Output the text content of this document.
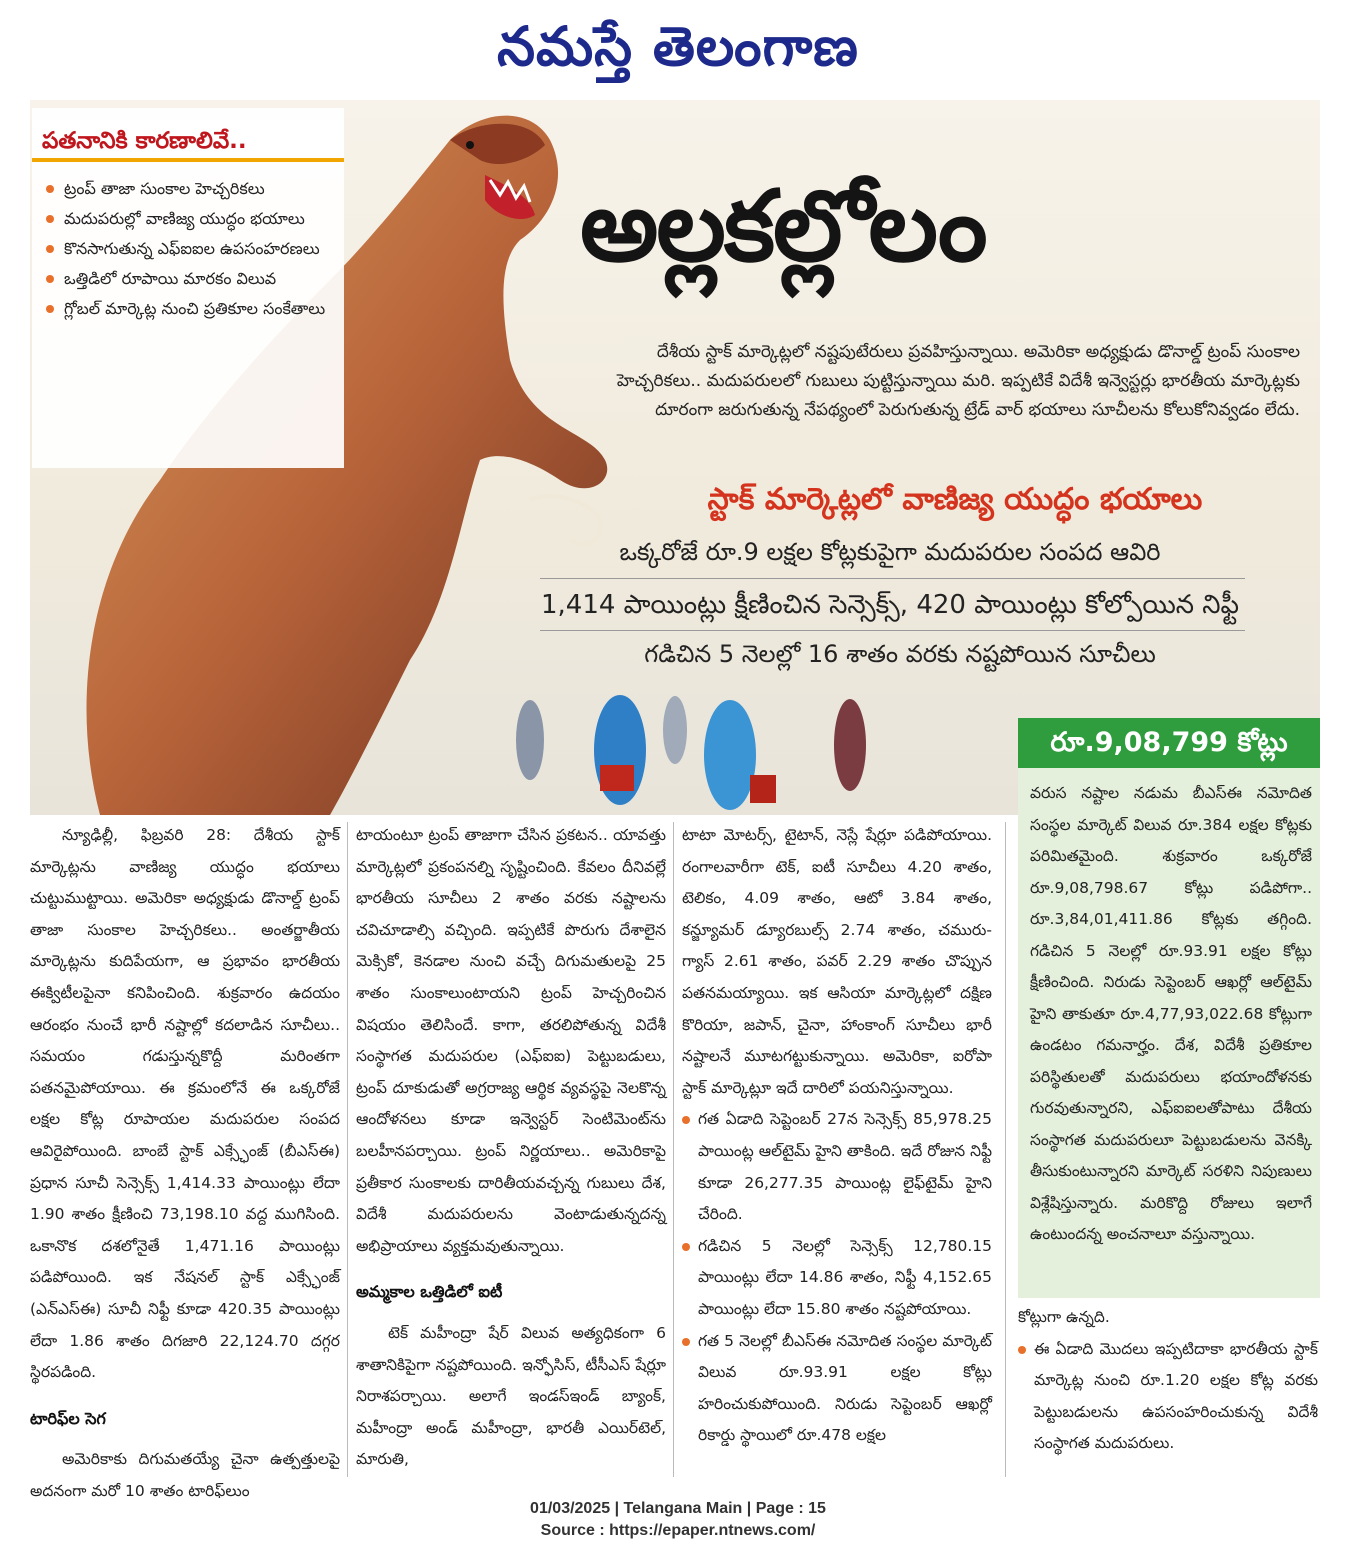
నమస్తే తెలంగాణ
పతనానికి కారణాలివే..
ట్రంప్ తాజా సుంకాల హెచ్చరికలు
మదుపరుల్లో వాణిజ్య యుద్ధం భయాలు
కొనసాగుతున్న ఎఫ్ఐఐల ఉపసంహరణలు
ఒత్తిడిలో రూపాయి మారకం విలువ
గ్లోబల్ మార్కెట్ల నుంచి ప్రతికూల సంకేతాలు
అల్లకల్లోలం
దేశీయ స్టాక్ మార్కెట్లలో నష్టపుటేరులు ప్రవహిస్తున్నాయి. అమెరికా అధ్యక్షుడు డొనాల్డ్ ట్రంప్ సుంకాల హెచ్చరికలు.. మదుపరులలో గుబులు పుట్టిస్తున్నాయి మరి. ఇప్పటికే విదేశీ ఇన్వెస్టర్లు భారతీయ మార్కెట్లకు దూరంగా జరుగుతున్న నేపథ్యంలో పెరుగుతున్న ట్రేడ్ వార్ భయాలు సూచీలను కోలుకోనివ్వడం లేదు.
స్టాక్ మార్కెట్లలో వాణిజ్య యుద్ధం భయాలు
ఒక్కరోజే రూ.9 లక్షల కోట్లకుపైగా మదుపరుల సంపద ఆవిరి
1,414 పాయింట్లు క్షీణించిన సెన్సెక్స్, 420 పాయింట్లు కోల్పోయిన నిఫ్టీ
గడిచిన 5 నెలల్లో 16 శాతం వరకు నష్టపోయిన సూచీలు
రూ.9,08,799 కోట్లు
వరుస నష్టాల నడుమ బీఎస్ఈ నమోదిత సంస్థల మార్కెట్ విలువ రూ.384 లక్షల కోట్లకు పరిమితమైంది. శుక్రవారం ఒక్కరోజే రూ.9,08,798.67 కోట్లు పడిపోగా.. రూ.3,84,01,411.86 కోట్లకు తగ్గింది. గడిచిన 5 నెలల్లో రూ.93.91 లక్షల కోట్లు క్షీణించింది. నిరుడు సెప్టెంబర్ ఆఖర్లో ఆల్‌టైమ్ హైని తాకుతూ రూ.4,77,93,022.68 కోట్లుగా ఉండటం గమనార్హం. దేశ, విదేశీ ప్రతికూల పరిస్థితులతో మదుపరులు భయాందోళనకు గురవుతున్నారని, ఎఫ్ఐఐలతోపాటు దేశీయ సంస్థాగత మదుపరులూ పెట్టుబడులను వెనక్కి తీసుకుంటున్నారని మార్కెట్ సరళిని నిపుణులు విశ్లేషిస్తున్నారు. మరికొద్ది రోజులు ఇలాగే ఉంటుందన్న అంచనాలూ వస్తున్నాయి.

న్యూఢిల్లీ, ఫిబ్రవరి 28: దేశీయ స్టాక్ మార్కెట్లను వాణిజ్య యుద్ధం భయాలు చుట్టుముట్టాయి. అమెరికా అధ్యక్షుడు డొనాల్డ్ ట్రంప్ తాజా సుంకాల హెచ్చరికలు.. అంతర్జాతీయ మార్కెట్లను కుదిపేయగా, ఆ ప్రభావం భారతీయ ఈక్విటీలపైనా కనిపించింది. శుక్రవారం ఉదయం ఆరంభం నుంచే భారీ నష్టాల్లో కదలాడిన సూచీలు.. సమయం గడుస్తున్నకొద్దీ మరింతగా పతనమైపోయాయి. ఈ క్రమంలోనే ఈ ఒక్కరోజే లక్షల కోట్ల రూపాయల మదుపరుల సంపద ఆవిరైపోయింది. బాంబే స్టాక్ ఎక్స్ఛేంజ్ (బీఎస్ఈ) ప్రధాన సూచీ సెన్సెక్స్ 1,414.33 పాయింట్లు లేదా 1.90 శాతం క్షీణించి 73,198.10 వద్ద ముగిసింది. ఒకానొక దశలోనైతే 1,471.16 పాయింట్లు పడిపోయింది. ఇక నేషనల్ స్టాక్ ఎక్స్ఛేంజ్ (ఎన్ఎస్ఈ) సూచీ నిఫ్టీ కూడా 420.35 పాయింట్లు లేదా 1.86 శాతం దిగజారి 22,124.70 దగ్గర స్థిరపడింది.

టారిఫ్‌ల సెగ

అమెరికాకు దిగుమతయ్యే చైనా ఉత్పత్తులపై అదనంగా మరో 10 శాతం టారిఫ్‌లుం

టాయంటూ ట్రంప్ తాజాగా చేసిన ప్రకటన.. యావత్తు మార్కెట్లలో ప్రకంపనల్ని సృష్టించింది. కేవలం దీనివల్లే భారతీయ సూచీలు 2 శాతం వరకు నష్టాలను చవిచూడాల్సి వచ్చింది. ఇప్పటికే పొరుగు దేశాలైన మెక్సికో, కెనడాల నుంచి వచ్చే దిగుమతులపై 25 శాతం సుంకాలుంటాయని ట్రంప్ హెచ్చరించిన విషయం తెలిసిందే. కాగా, తరలిపోతున్న విదేశీ సంస్థాగత మదుపరుల (ఎఫ్ఐఐ) పెట్టుబడులు, ట్రంప్ దూకుడుతో అగ్రరాజ్య ఆర్థిక వ్యవస్థపై నెలకొన్న ఆందోళనలు కూడా ఇన్వెస్టర్ సెంటిమెంట్‌ను బలహీనపర్చాయి. ట్రంప్ నిర్ణయాలు.. అమెరికాపై ప్రతీకార సుంకాలకు దారితీయవచ్చన్న గుబులు దేశ, విదేశీ మదుపరులను వెంటాడుతున్నదన్న అభిప్రాయాలు వ్యక్తమవుతున్నాయి.

అమ్మకాల ఒత్తిడిలో ఐటీ

టెక్ మహీంద్రా షేర్ విలువ అత్యధికంగా 6 శాతానికిపైగా నష్టపోయింది. ఇన్ఫోసిస్, టీసీఎస్ షేర్లూ నిరాశపర్చాయి. అలాగే ఇండస్ఇండ్ బ్యాంక్, మహీంద్రా అండ్ మహీంద్రా, భారతీ ఎయిర్‌టెల్, మారుతి,

టాటా మోటర్స్, టైటాన్, నెస్లే షేర్లూ పడిపోయాయి. రంగాలవారీగా టెక్, ఐటీ సూచీలు 4.20 శాతం, టెలికం, 4.09 శాతం, ఆటో 3.84 శాతం, కన్జ్యూమర్ డ్యూరబుల్స్ 2.74 శాతం, చమురు-గ్యాస్ 2.61 శాతం, పవర్ 2.29 శాతం చొప్పున పతనమయ్యాయి. ఇక ఆసియా మార్కెట్లలో దక్షిణ కొరియా, జపాన్, చైనా, హాంకాంగ్ సూచీలు భారీ నష్టాలనే మూటగట్టుకున్నాయి. అమెరికా, ఐరోపా స్టాక్ మార్కెట్లూ ఇదే దారిలో పయనిస్తున్నాయి.

గత ఏడాది సెప్టెంబర్ 27న సెన్సెక్స్ 85,978.25 పాయింట్ల ఆల్‌టైమ్ హైని తాకింది. ఇదే రోజున నిఫ్టీ కూడా 26,277.35 పాయింట్ల లైఫ్‌టైమ్ హైని చేరింది.
గడిచిన 5 నెలల్లో సెన్సెక్స్ 12,780.15 పాయింట్లు లేదా 14.86 శాతం, నిఫ్టీ 4,152.65 పాయింట్లు లేదా 15.80 శాతం నష్టపోయాయి.
గత 5 నెలల్లో బీఎస్ఈ నమోదిత సంస్థల మార్కెట్ విలువ రూ.93.91 లక్షల కోట్లు హరించుకుపోయింది. నిరుడు సెప్టెంబర్ ఆఖర్లో రికార్డు స్థాయిలో రూ.478 లక్షల

కోట్లుగా ఉన్నది.

ఈ ఏడాది మొదలు ఇప్పటిదాకా భారతీయ స్టాక్ మార్కెట్ల నుంచి రూ.1.20 లక్షల కోట్ల వరకు పెట్టుబడులను ఉపసంహరించుకున్న విదేశీ సంస్థాగత మదుపరులు.
01/03/2025 | Telangana Main | Page : 15
Source : https://epaper.ntnews.com/
